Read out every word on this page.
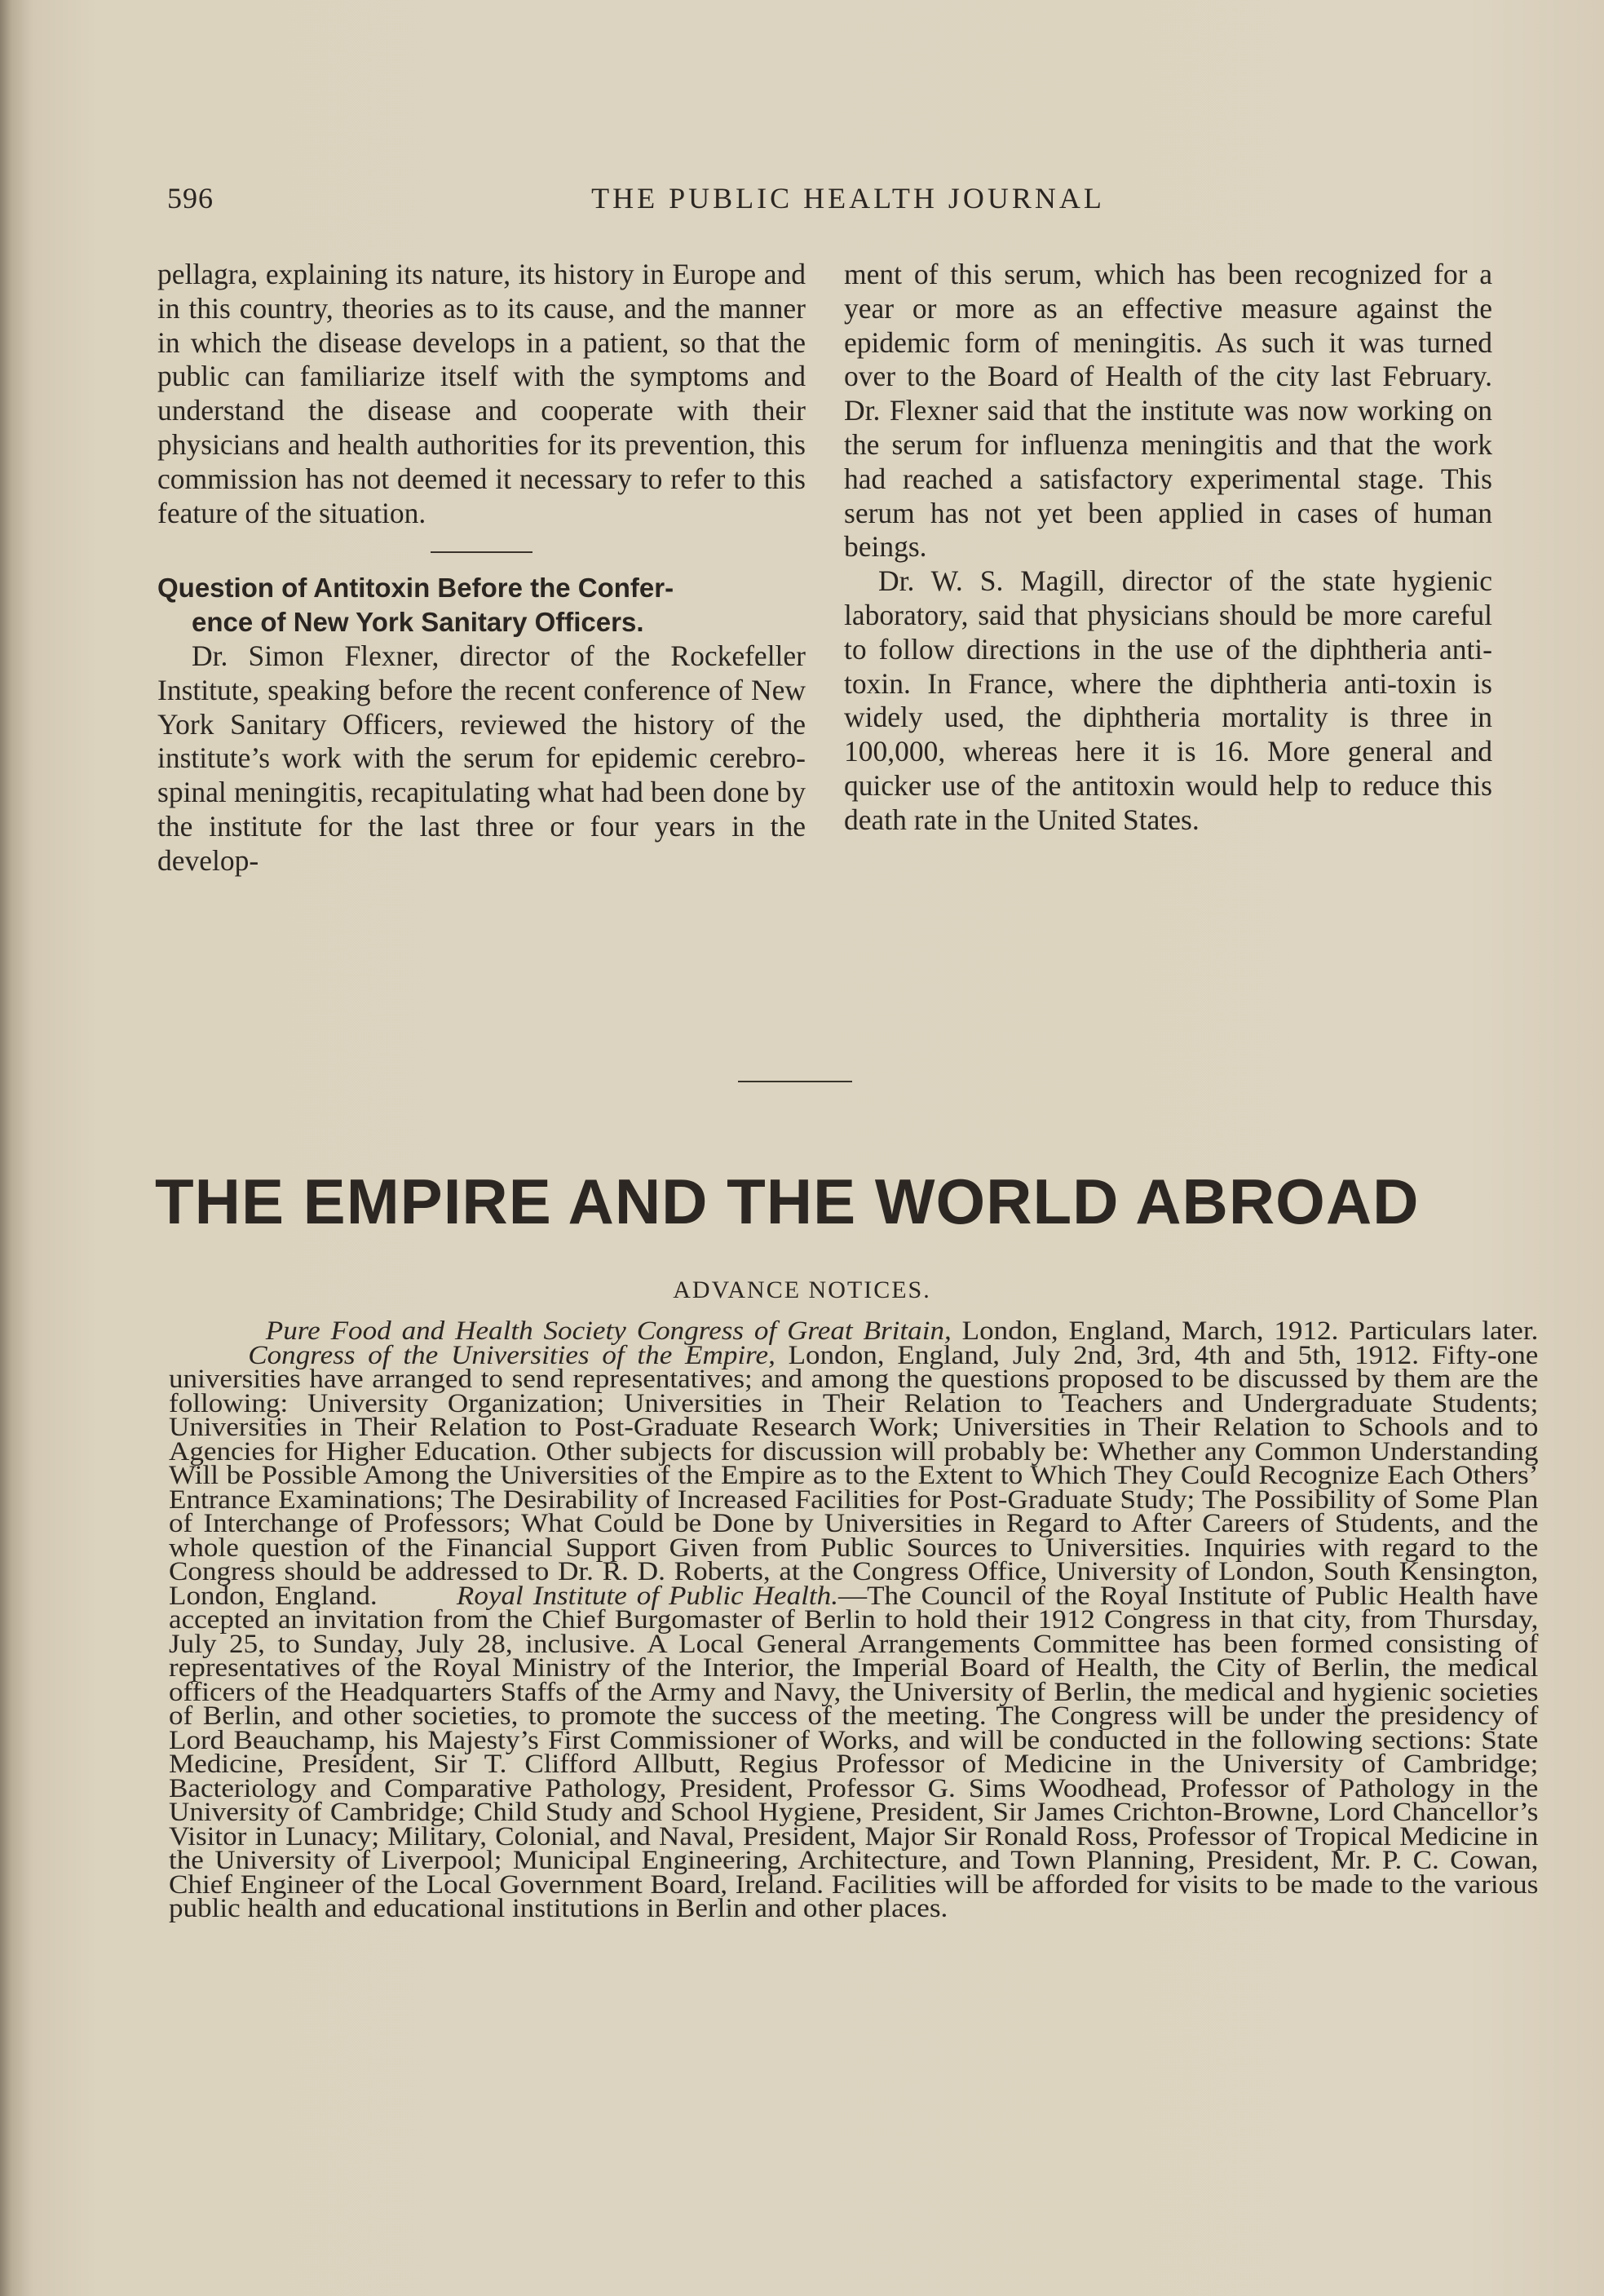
596	THE PUBLIC HEALTH JOURNAL

pellagra, explaining its nature, its history in Europe and in this country, theories as to its cause, and the manner in which the disease develops in a patient, so that the public can familiarize itself with the symptoms and understand the disease and cooperate with their physicians and health authorities for its prevention, this commission has not deemed it necessary to refer to this feature of the situation.

Question of Antitoxin Before the Confer-
ence of New York Sanitary Officers.

Dr. Simon Flexner, director of the Rockefeller Institute, speaking before the recent conference of New York Sanitary Officers, reviewed the history of the institute’s work with the serum for epidemic cerebro-spinal meningitis, recapitulating what had been done by the institute for the last three or four years in the develop-

ment of this serum, which has been recognized for a year or more as an effective measure against the epidemic form of meningitis. As such it was turned over to the Board of Health of the city last February. Dr. Flexner said that the institute was now working on the serum for influenza meningitis and that the work had reached a satisfactory experimental stage. This serum has not yet been applied in cases of human beings.

Dr. W. S. Magill, director of the state hygienic laboratory, said that physicians should be more careful to follow directions in the use of the diphtheria anti-toxin. In France, where the diphtheria anti-toxin is widely used, the diphtheria mortality is three in 100,000, whereas here it is 16. More general and quicker use of the antitoxin would help to reduce this death rate in the United States.

THE EMPIRE AND THE WORLD ABROAD
ADVANCE NOTICES.

Pure Food and Health Society Congress of Great Britain, London, England, March, 1912. Particulars later.Congress of the Universities of the Empire, London, England, July 2nd, 3rd, 4th and 5th, 1912. Fifty-one universities have arranged to send representatives; and among the questions proposed to be discussed by them are the following: University Organization; Universities in Their Relation to Teachers and Undergraduate Students; Universities in Their Relation to Post-Graduate Research Work; Universities in Their Relation to Schools and to Agencies for Higher Education. Other subjects for discussion will probably be: Whether any Common Understanding Will be Possible Among the Universities of the Empire as to the Extent to Which They Could Recognize Each Others’ Entrance Examinations; The Desirability of Increased Facilities for Post-Graduate Study; The Possibility of Some Plan of Interchange of Professors; What Could be Done by Universities in Regard to After Careers of Students, and the whole question of the Financial Support Given from Public Sources to Universities. Inquiries with regard to the Congress should be addressed to Dr. R. D. Roberts, at the Congress Office, University of London, South Kensington, London, England.	Royal Institute of Public Health.—The Council of the Royal Institute of Public Health have accepted an invitation from the Chief Burgomaster of Berlin to hold their 1912 Congress in that city, from Thursday, July 25, to Sunday, July 28, inclusive. A Local General Arrangements Committee has been formed consisting of representatives of the Royal Ministry of the Interior, the Imperial Board of Health, the City of Berlin, the medical officers of the Headquarters Staffs of the Army and Navy, the University of Berlin, the medical and hygienic societies of Berlin, and other societies, to promote the success of the meeting. The Congress will be under the presidency of Lord Beauchamp, his Majesty’s First Commissioner of Works, and will be conducted in the following sections: State Medicine, President, Sir T. Clifford Allbutt, Regius Professor of Medicine in the University of Cambridge; Bacteriology and Comparative Pathology, President, Professor G. Sims Woodhead, Professor of Pathology in the University of Cambridge; Child Study and School Hygiene, President, Sir James Crichton-Browne, Lord Chancellor’s Visitor in Lunacy; Military, Colonial, and Naval, President, Major Sir Ronald Ross, Professor of Tropical Medicine in the University of Liverpool; Municipal Engineering, Architecture, and Town Planning, President, Mr. P. C. Cowan, Chief Engineer of the Local Government Board, Ireland. Facilities will be afforded for visits to be made to the various public health and educational institutions in Berlin and other places.
